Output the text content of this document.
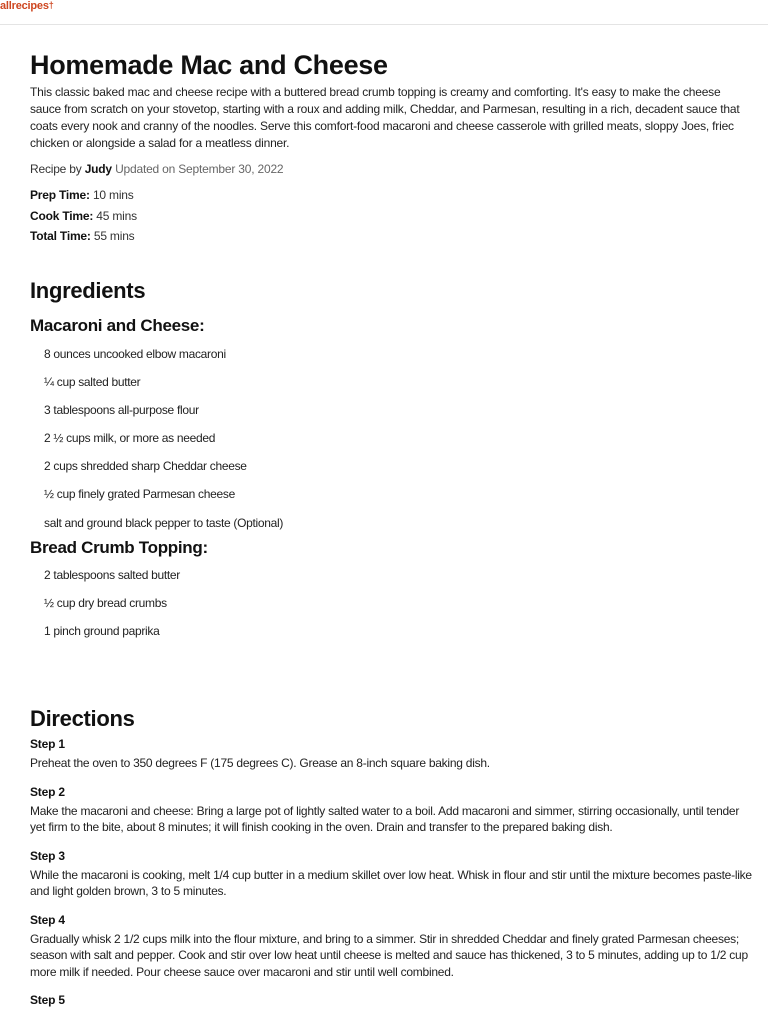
allrecipes†
Homemade Mac and Cheese

This classic baked mac and cheese recipe with a buttered bread crumb topping is creamy and comforting. It's easy to make the cheese sauce from scratch on your stovetop, starting with a roux and adding milk, Cheddar, and Parmesan, resulting in a rich, decadent sauce that coats every nook and cranny of the noodles. Serve this comfort-food macaroni and cheese casserole with grilled meats, sloppy Joes, friec chicken or alongside a salad for a meatless dinner.

Recipe by Judy Updated on September 30, 2022
Prep Time: 10 mins
Cook Time: 45 mins
Total Time: 55 mins
Ingredients
Macaroni and Cheese:
8 ounces uncooked elbow macaroni
¼ cup salted butter
3 tablespoons all-purpose flour
2 ½ cups milk, or more as needed
2 cups shredded sharp Cheddar cheese
½ cup finely grated Parmesan cheese
salt and ground black pepper to taste (Optional)
Bread Crumb Topping:
2 tablespoons salted butter
½ cup dry bread crumbs
1 pinch ground paprika
Directions
Step 1
Preheat the oven to 350 degrees F (175 degrees C). Grease an 8-inch square baking dish.
Step 2
Make the macaroni and cheese: Bring a large pot of lightly salted water to a boil. Add macaroni and simmer, stirring occasionally, until tender yet firm to the bite, about 8 minutes; it will finish cooking in the oven. Drain and transfer to the prepared baking dish.
Step 3
While the macaroni is cooking, melt 1/4 cup butter in a medium skillet over low heat. Whisk in flour and stir until the mixture becomes paste-like and light golden brown, 3 to 5 minutes.
Step 4
Gradually whisk 2 1/2 cups milk into the flour mixture, and bring to a simmer. Stir in shredded Cheddar and finely grated Parmesan cheeses; season with salt and pepper. Cook and stir over low heat until cheese is melted and sauce has thickened, 3 to 5 minutes, adding up to 1/2 cup more milk if needed. Pour cheese sauce over macaroni and stir until well combined.
Step 5
